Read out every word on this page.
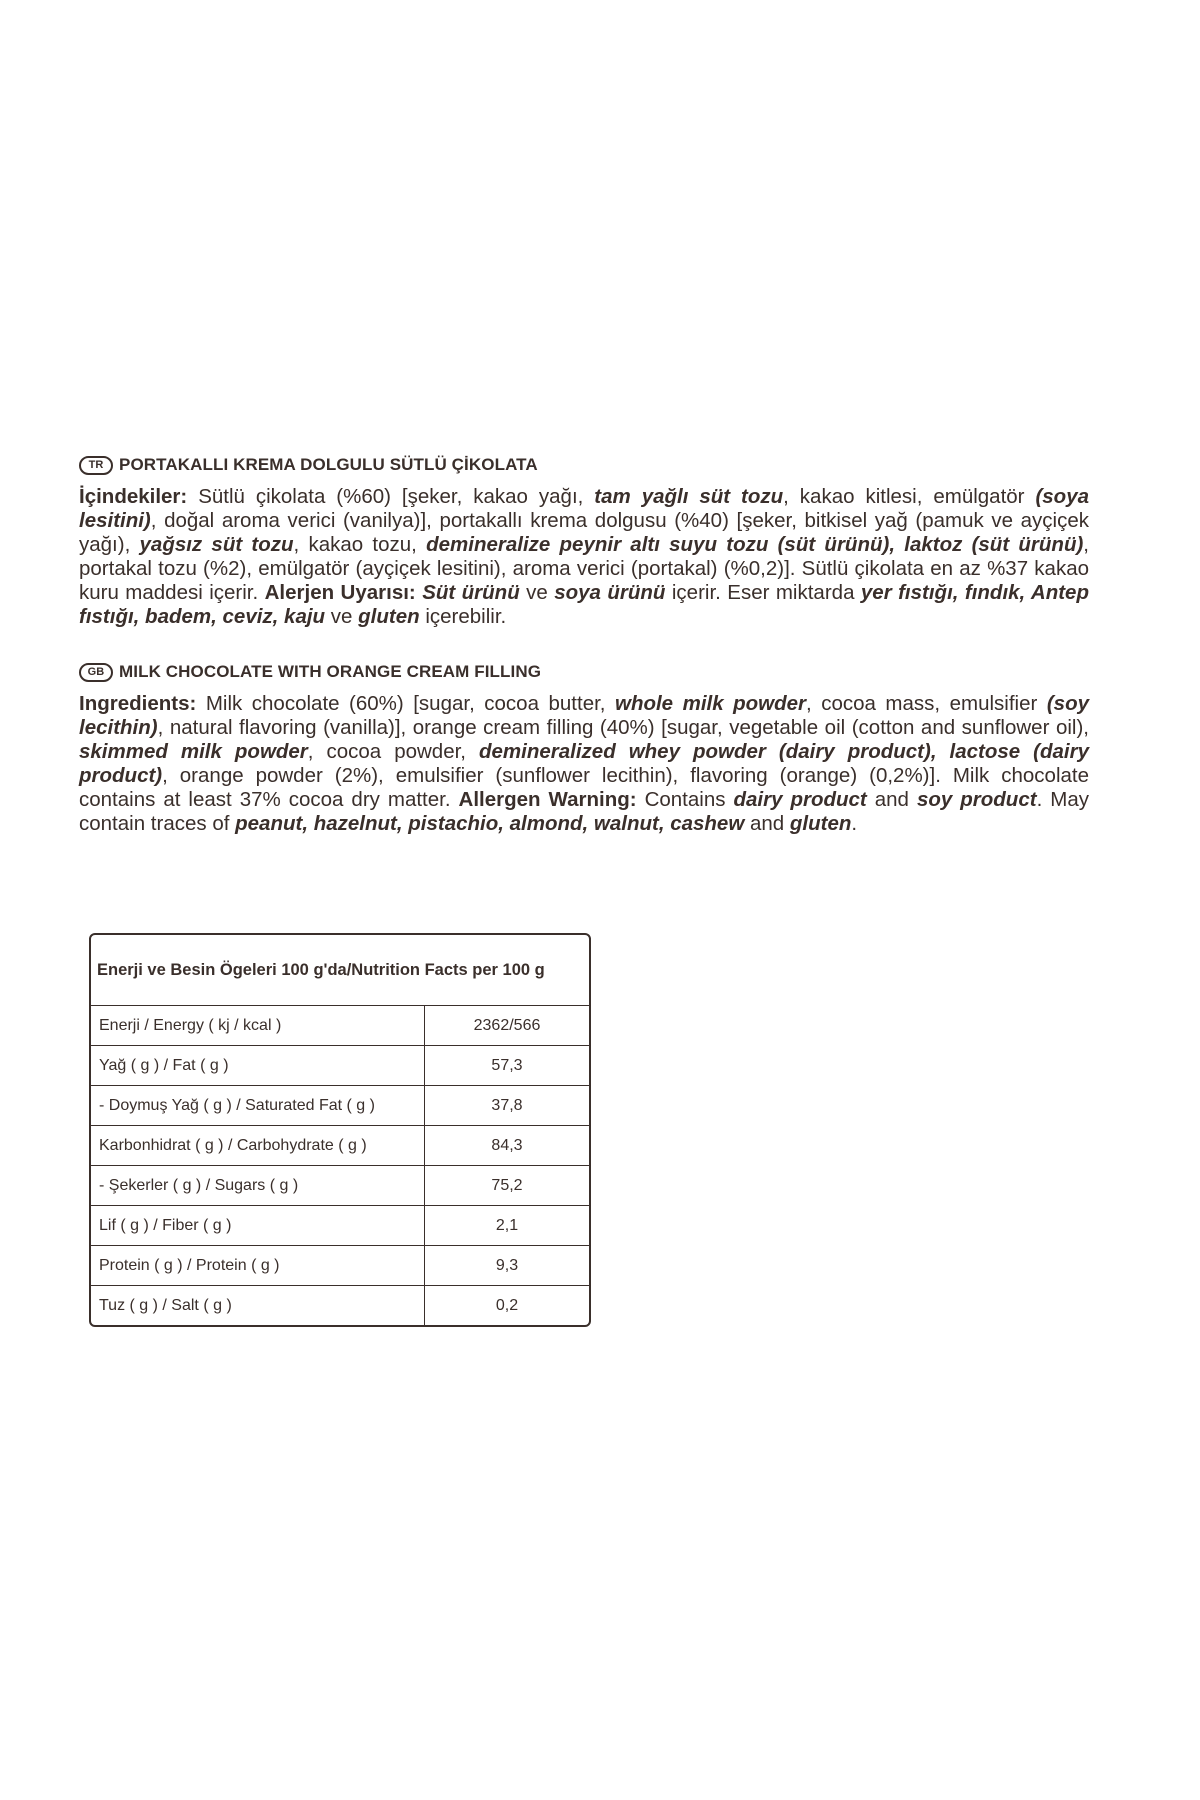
TR PORTAKALLI KREMA DOLGULU SÜTLÜ ÇİKOLATA
İçindekiler: Sütlü çikolata (%60) [şeker, kakao yağı, tam yağlı süt tozu, kakao kitlesi, emülgatör (soya lesitini), doğal aroma verici (vanilya)], portakallı krema dolgusu (%40) [şeker, bitkisel yağ (pamuk ve ayçiçek yağı), yağsız süt tozu, kakao tozu, demineralize peynir altı suyu tozu (süt ürünü), laktoz (süt ürünü), portakal tozu (%2), emülgatör (ayçiçek lesitini), aroma verici (portakal) (%0,2)]. Sütlü çikolata en az %37 kakao kuru maddesi içerir. Alerjen Uyarısı: Süt ürünü ve soya ürünü içerir. Eser miktarda yer fıstığı, fındık, Antep fıstığı, badem, ceviz, kaju ve gluten içerebilir.
GB MILK CHOCOLATE WITH ORANGE CREAM FILLING
Ingredients: Milk chocolate (60%) [sugar, cocoa butter, whole milk powder, cocoa mass, emulsifier (soy lecithin), natural flavoring (vanilla)], orange cream filling (40%) [sugar, vegetable oil (cotton and sunflower oil), skimmed milk powder, cocoa powder, demineralized whey powder (dairy product), lactose (dairy product), orange powder (2%), emulsifier (sunflower lecithin), flavoring (orange) (0,2%)]. Milk chocolate contains at least 37% cocoa dry matter. Allergen Warning: Contains dairy product and soy product. May contain traces of peanut, hazelnut, pistachio, almond, walnut, cashew and gluten.
Enerji ve Besin Ögeleri 100 g'da/Nutrition Facts per 100 g
Enerji / Energy ( kj / kcal )	2362/566
Yağ ( g ) / Fat ( g )	57,3
- Doymuş Yağ ( g ) / Saturated Fat ( g )	37,8
Karbonhidrat ( g ) / Carbohydrate ( g )	84,3
- Şekerler ( g ) / Sugars ( g )	75,2
Lif ( g ) / Fiber ( g )	2,1
Protein ( g ) / Protein ( g )	9,3
Tuz ( g ) / Salt ( g )	0,2
